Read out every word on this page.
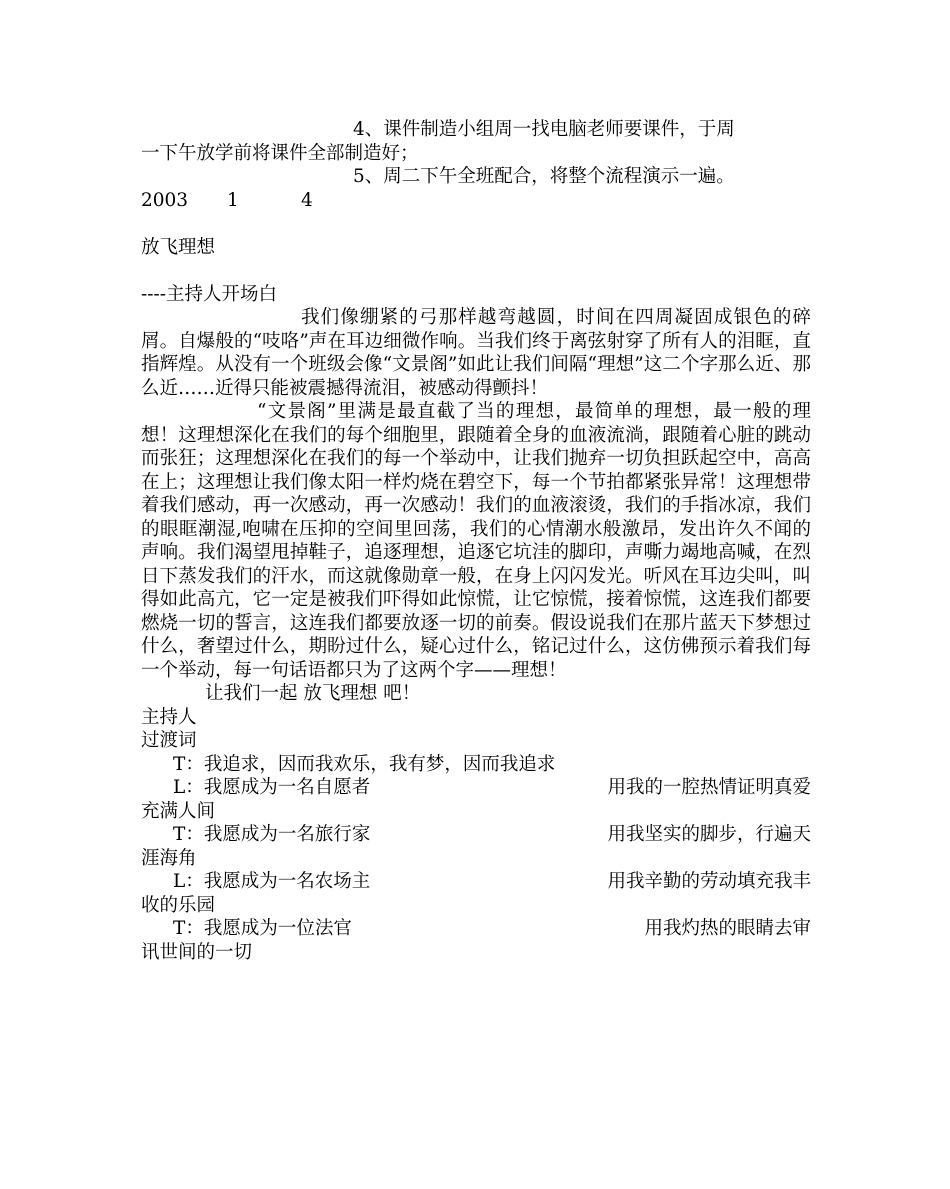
4、课件制造小组周一找电脑老师要课件，于周

一下午放学前将课件全部制造好；

5、周二下午全班配合，将整个流程演示一遍。

2003 1	4

放飞理想

----主持人开场白

我们像绷紧的弓那样越弯越圆，时间在四周凝固成银色的碎屑。自爆般的“吱咯”声在耳边细微作响。当我们终于离弦射穿了所有人的泪眶，直指辉煌。从没有一个班级会像“文景阁”如此让我们间隔“理想”这二个字那么近、那么近……近得只能被震撼得流泪，被感动得颤抖！

“文景阁”里满是最直截了当的理想，最简单的理想，最一般的理想！这理想深化在我们的每个细胞里，跟随着全身的血液流淌，跟随着心脏的跳动而张狂；这理想深化在我们的每一个举动中，让我们抛弃一切负担跃起空中，高高在上；这理想让我们像太阳一样灼烧在碧空下，每一个节拍都紧张异常！这理想带着我们感动，再一次感动，再一次感动！我们的血液滚烫，我们的手指冰凉，我们的眼眶潮湿,咆啸在压抑的空间里回荡，我们的心情潮水般激昂，发出许久不闻的声响。我们渴望甩掉鞋子，追逐理想，追逐它坑洼的脚印，声嘶力竭地高喊，在烈日下蒸发我们的汗水，而这就像勋章一般，在身上闪闪发光。听风在耳边尖叫，叫得如此高亢，它一定是被我们吓得如此惊慌，让它惊慌，接着惊慌，这连我们都要燃烧一切的誓言，这连我们都要放逐一切的前奏。假设说我们在那片蓝天下梦想过什么，奢望过什么，期盼过什么，疑心过什么，铭记过什么，这仿佛预示着我们每一个举动，每一句话语都只为了这两个字——理想！

让我们一起 放飞理想 吧！

主持人

过渡词

T：我追求，因而我欢乐，我有梦，因而我追求

L：我愿成为一名自愿者	用我的一腔热情证明真爱

充满人间

T：我愿成为一名旅行家	用我坚实的脚步，行遍天

涯海角

L：我愿成为一名农场主	用我辛勤的劳动填充我丰

收的乐园

T：我愿成为一位法官	用我灼热的眼睛去审

讯世间的一切
